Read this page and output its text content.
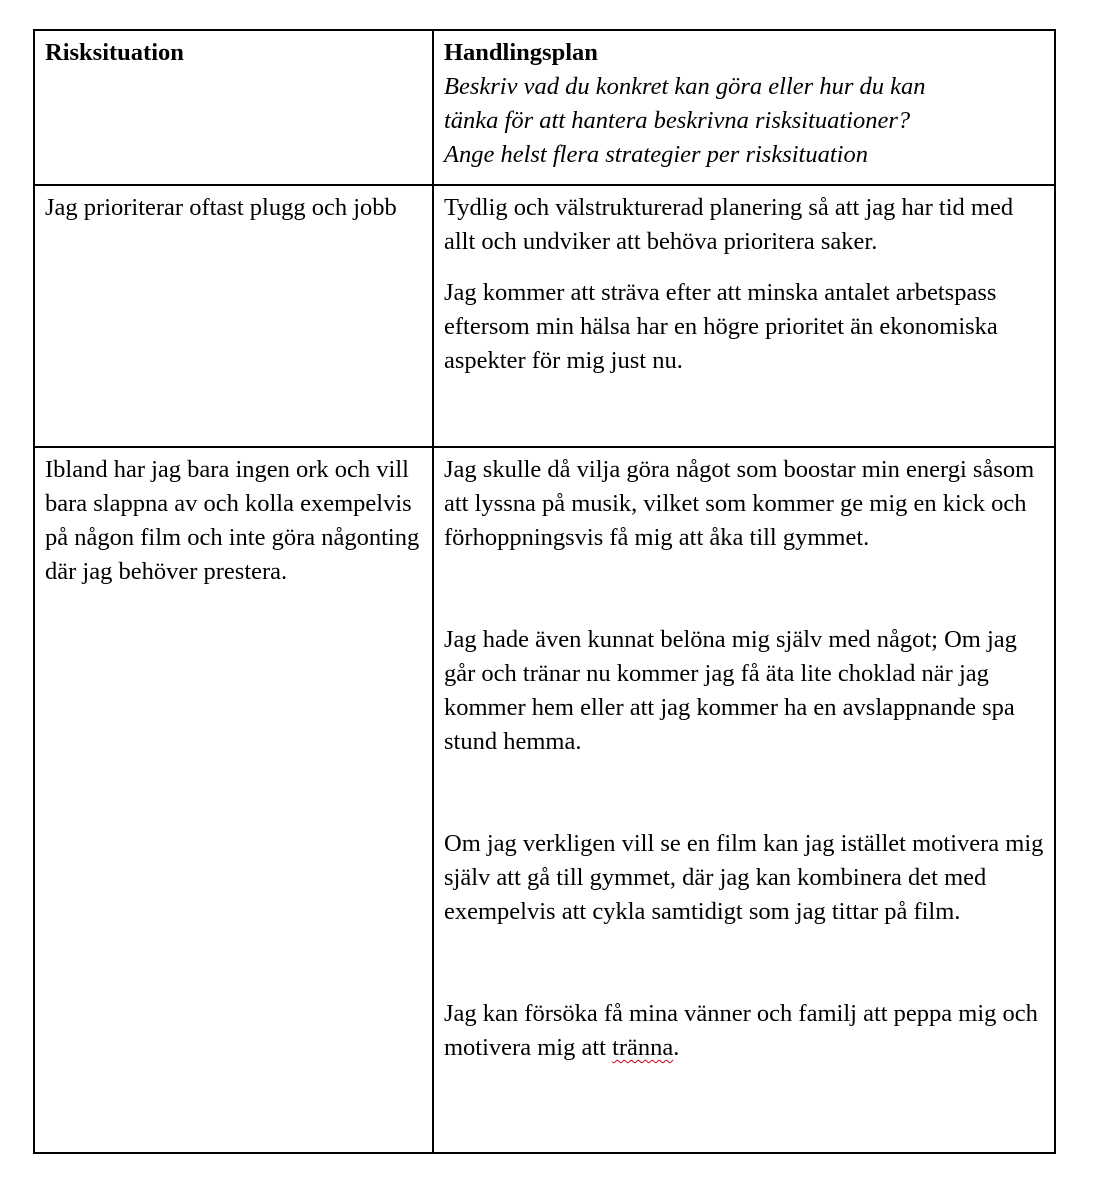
Risksituation	Handlingsplan
Beskriv vad du konkret kan göra eller hur du kan
tänka för att hantera beskrivna risksituationer?
Ange helst flera strategier per risksituation

Jag prioriterar oftast plugg och jobb	Tydlig och välstrukturerad planering så att jag har tid med allt och undviker att behöva prioritera saker.

Jag kommer att sträva efter att minska antalet arbetspass eftersom min hälsa har en högre prioritet än ekonomiska aspekter för mig just nu.

Ibland har jag bara ingen ork och vill bara slappna av och kolla exempelvis på någon film och inte göra någonting där jag behöver prestera.	Jag skulle då vilja göra något som boostar min energi såsom att lyssna på musik, vilket som kommer ge mig en kick och förhoppningsvis få mig att åka till gymmet.

Jag hade även kunnat belöna mig själv med något; Om jag går och tränar nu kommer jag få äta lite choklad när jag kommer hem eller att jag kommer ha en avslappnande spa stund hemma.

Om jag verkligen vill se en film kan jag istället motivera mig själv att gå till gymmet, där jag kan kombinera det med exempelvis att cykla samtidigt som jag tittar på film.

Jag kan försöka få mina vänner och familj att peppa mig och motivera mig att tränna.
